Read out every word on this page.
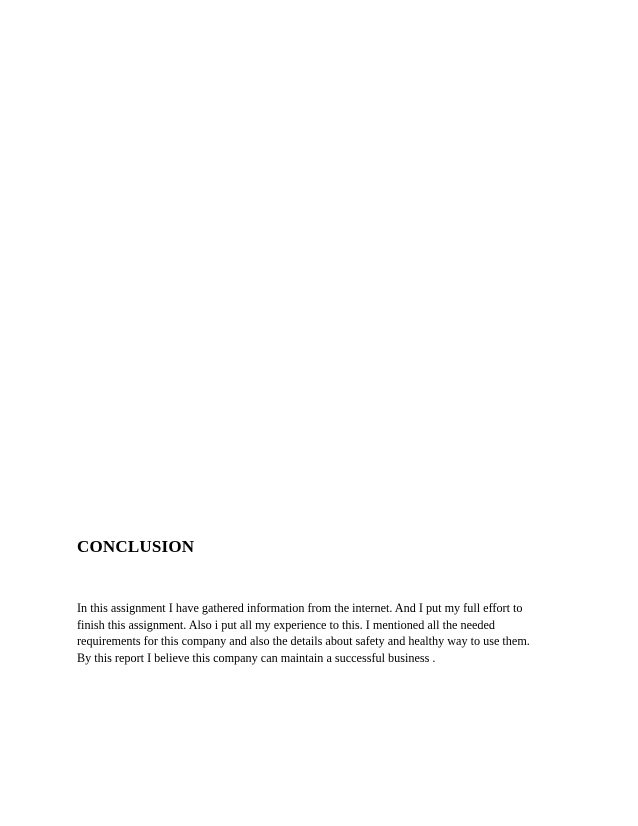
CONCLUSION

In this assignment I have gathered information from the internet. And I put my full effort to
finish this assignment. Also i put all my experience to this. I mentioned all the needed
requirements for this company and also the details about safety and healthy way to use them.
By this report I believe this company can maintain a successful business .
